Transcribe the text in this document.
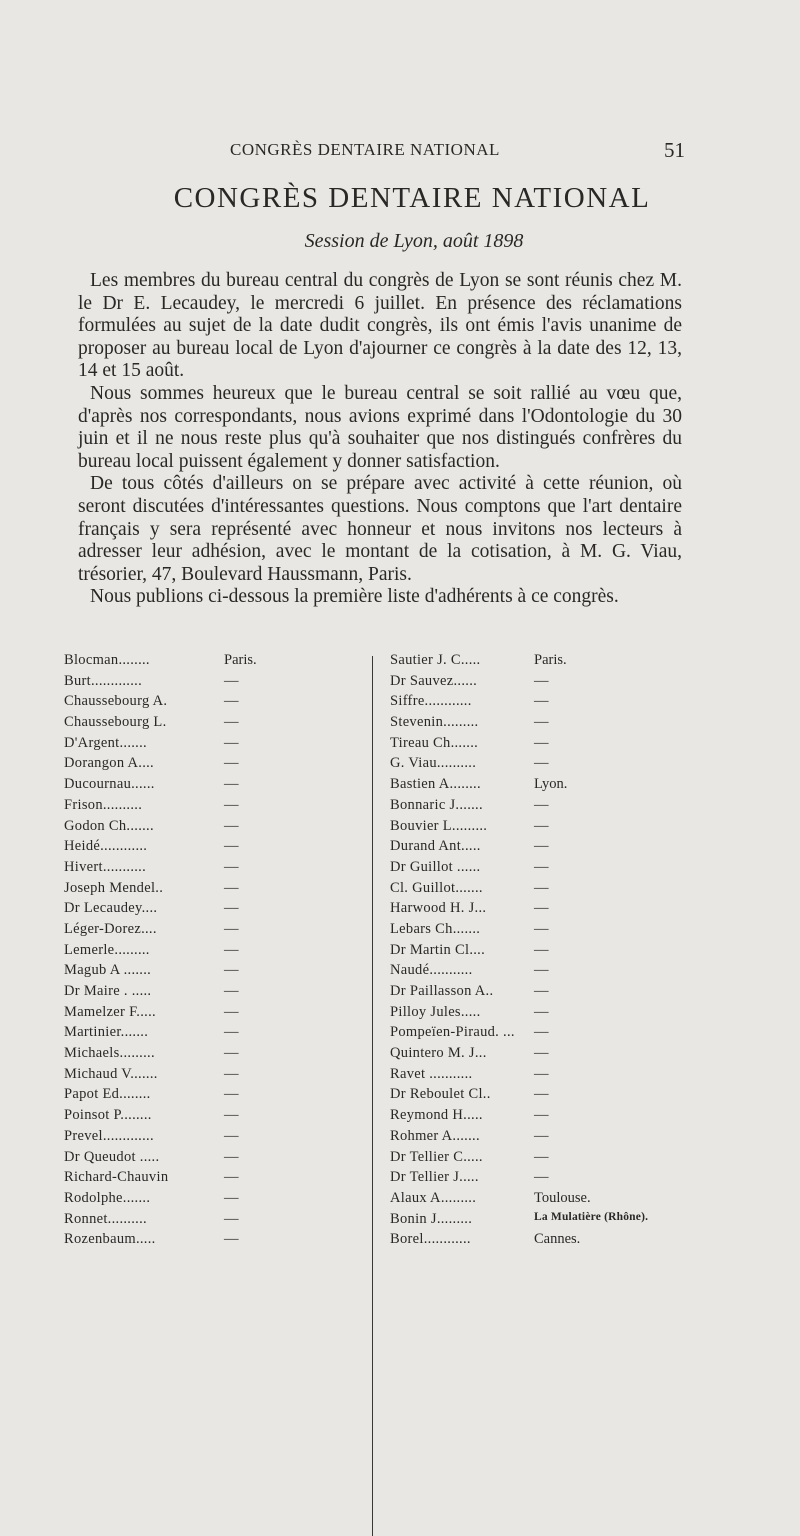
CONGRÈS DENTAIRE NATIONAL	51
CONGRÈS DENTAIRE NATIONAL
Session de Lyon, août 1898

Les membres du bureau central du congrès de Lyon se sont réunis chez M. le Dr E. Lecaudey, le mercredi 6 juillet. En présence des réclamations formulées au sujet de la date dudit congrès, ils ont émis l'avis unanime de proposer au bureau local de Lyon d'ajourner ce congrès à la date des 12, 13, 14 et 15 août.

Nous sommes heureux que le bureau central se soit rallié au vœu que, d'après nos correspondants, nous avions exprimé dans l'Odontologie du 30 juin et il ne nous reste plus qu'à souhaiter que nos distingués confrères du bureau local puissent également y donner satisfaction.

De tous côtés d'ailleurs on se prépare avec activité à cette réunion, où seront discutées d'intéressantes questions. Nous comptons que l'art dentaire français y sera représenté avec honneur et nous invitons nos lecteurs à adresser leur adhésion, avec le montant de la cotisation, à M. G. Viau, trésorier, 47, Boulevard Haussmann, Paris.

Nous publions ci-dessous la première liste d'adhérents à ce congrès.

Blocman........	Paris.
Burt.............	—
Chaussebourg A.	—
Chaussebourg L.	—
D'Argent.......	—
Dorangon A....	—
Ducournau......	—
Frison..........	—
Godon Ch.......	—
Heidé............	—
Hivert...........	—
Joseph Mendel..	—
Dr Lecaudey....	—
Léger-Dorez....	—
Lemerle.........	—
Magub A .......	—
Dr Maire . .....	—
Mamelzer F.....	—
Martinier.......	—
Michaels.........	—
Michaud V.......	—
Papot Ed........	—
Poinsot P........	—
Prevel.............	—
Dr Queudot .....	—
Richard-Chauvin	—
Rodolphe.......	—
Ronnet..........	—
Rozenbaum.....	—
Sautier J. C.....	Paris.
Dr Sauvez......	—
Siffre............	—
Stevenin.........	—
Tireau Ch.......	—
G. Viau..........	—
Bastien A........	Lyon.
Bonnaric J.......	—
Bouvier L.........	—
Durand Ant.....	—
Dr Guillot ......	—
Cl. Guillot.......	—
Harwood H. J...	—
Lebars Ch.......	—
Dr Martin Cl....	—
Naudé...........	—
Dr Paillasson A..	—
Pilloy Jules.....	—
Pompeïen-Piraud. ... —
Quintero M. J...	—
Ravet ...........	—
Dr Reboulet Cl..	—
Reymond H.....	—
Rohmer A.......	—
Dr Tellier C.....	—
Dr Tellier J.....	—
Alaux A.........	Toulouse.
Bonin J.........	La Mulatière (Rhône).
Borel............	Cannes.
